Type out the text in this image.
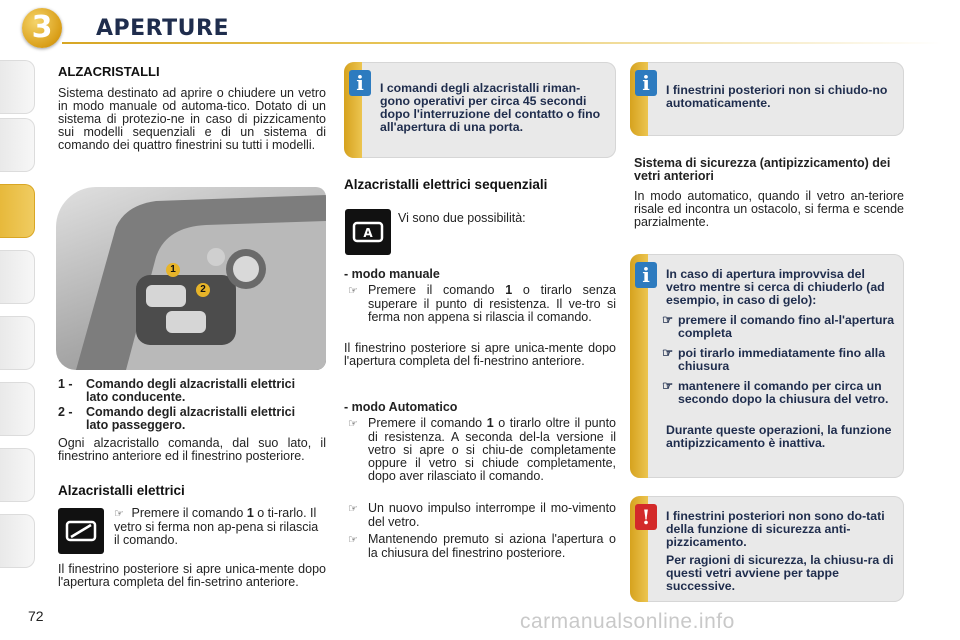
3	APERTURE
ALZACRISTALLI
Sistema destinato ad aprire o chiudere un vetro in modo manuale od automa-tico. Dotato di un sistema di protezio-ne in caso di pizzicamento sui modelli sequenziali e di un sistema di comando dei quattro finestrini su tutti i modelli.
1
2
1 - Comando degli alzacristalli elettrici lato conducente.
2 - Comando degli alzacristalli elettrici lato passeggero.
Ogni alzacristallo comanda, dal suo lato, il finestrino anteriore ed il finestrino posteriore.
Alzacristalli elettrici
☞ Premere il comando 1 o ti-rarlo. Il vetro si ferma non ap-pena si rilascia il comando.
Il finestrino posteriore si apre unica-mente dopo l'apertura completa del fin-setrino anteriore.
i	I comandi degli alzacristalli riman-gono operativi per circa 45 secondi dopo l'interruzione del contatto o fino all'apertura di una porta.
Alzacristalli elettrici sequenziali
A
Vi sono due possibilità:
- modo manuale
☞ Premere il comando 1 o tirarlo senza superare il punto di resistenza. Il ve-tro si ferma non appena si rilascia il comando.
Il finestrino posteriore si apre unica-mente dopo l'apertura completa del fi-nestrino anteriore.
- modo Automatico
☞ Premere il comando 1 o tirarlo oltre il punto di resistenza. A seconda del-la versione il vetro si apre o si chiu-de completamente oppure il vetro si chiude completamente, dopo aver rilasciato il comando.
☞ Un nuovo impulso interrompe il mo-vimento del vetro.
☞ Mantenendo premuto si aziona l'apertura o la chiusura del finestrino posteriore.
i	I finestrini posteriori non si chiudo-no automaticamente.
Sistema di sicurezza (antipizzicamento) dei vetri anteriori
In modo automatico, quando il vetro an-teriore risale ed incontra un ostacolo, si ferma e scende parzialmente.
i	In caso di apertura improvvisa del vetro mentre si cerca di chiuderlo (ad esempio, in caso di gelo):
☞ premere il comando fino al-l'apertura completa
☞ poi tirarlo immediatamente fino alla chiusura
☞ mantenere il comando per circa un secondo dopo la chiusura del vetro.
Durante queste operazioni, la funzione antipizzicamento è inattiva.
!	I finestrini posteriori non sono do-tati della funzione di sicurezza anti-pizzicamento.
Per ragioni di sicurezza, la chiusu-ra di questi vetri avviene per tappe successive.
72	carmanualsonline.info
